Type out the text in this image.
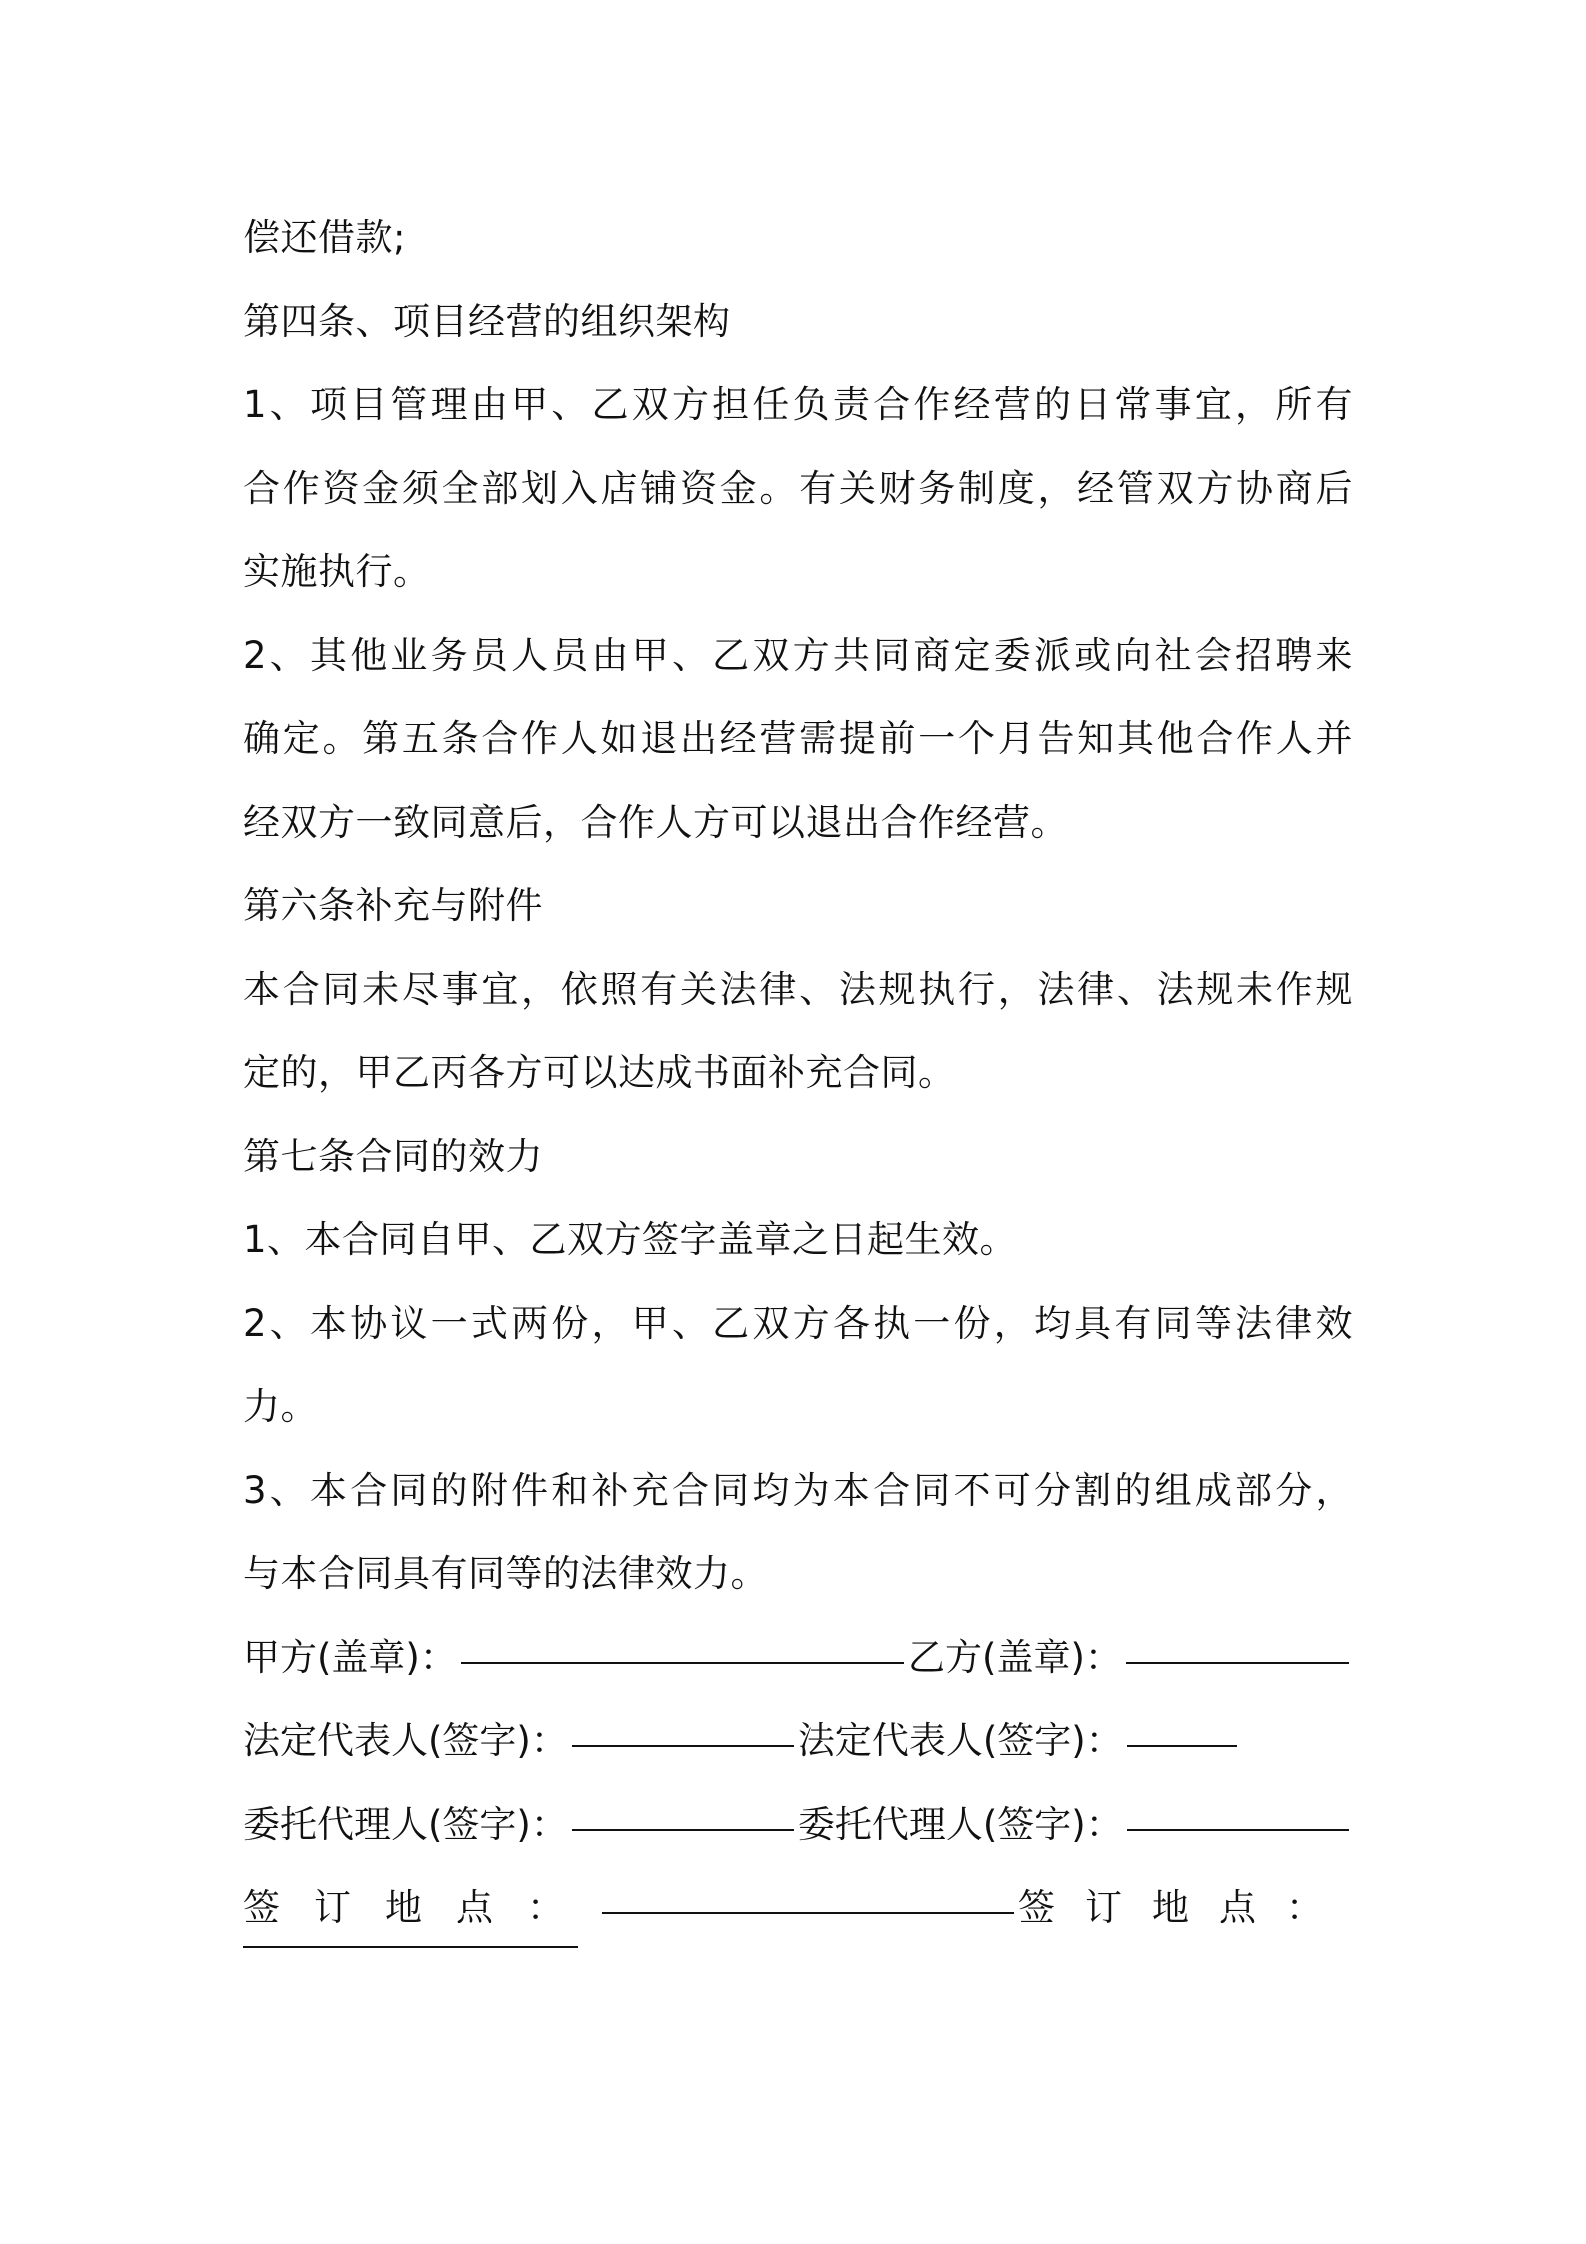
偿还借款;
第四条、项目经营的组织架构
1、项目管理由甲、乙双方担任负责合作经营的日常事宜，所有
合作资金须全部划入店铺资金。有关财务制度，经管双方协商后
实施执行。
2、其他业务员人员由甲、乙双方共同商定委派或向社会招聘来
确定。第五条合作人如退出经营需提前一个月告知其他合作人并
经双方一致同意后，合作人方可以退出合作经营。
第六条补充与附件
本合同未尽事宜，依照有关法律、法规执行，法律、法规未作规
定的，甲乙丙各方可以达成书面补充合同。
第七条合同的效力
1、本合同自甲、乙双方签字盖章之日起生效。
2、本协议一式两份，甲、乙双方各执一份，均具有同等法律效
力。
3、本合同的附件和补充合同均为本合同不可分割的组成部分，
与本合同具有同等的法律效力。
甲方(盖章)：	乙方(盖章)：
法定代表人(签字)：	法定代表人(签字)：
委托代理人(签字)：	委托代理人(签字)：
签订地点：	签订地点：
